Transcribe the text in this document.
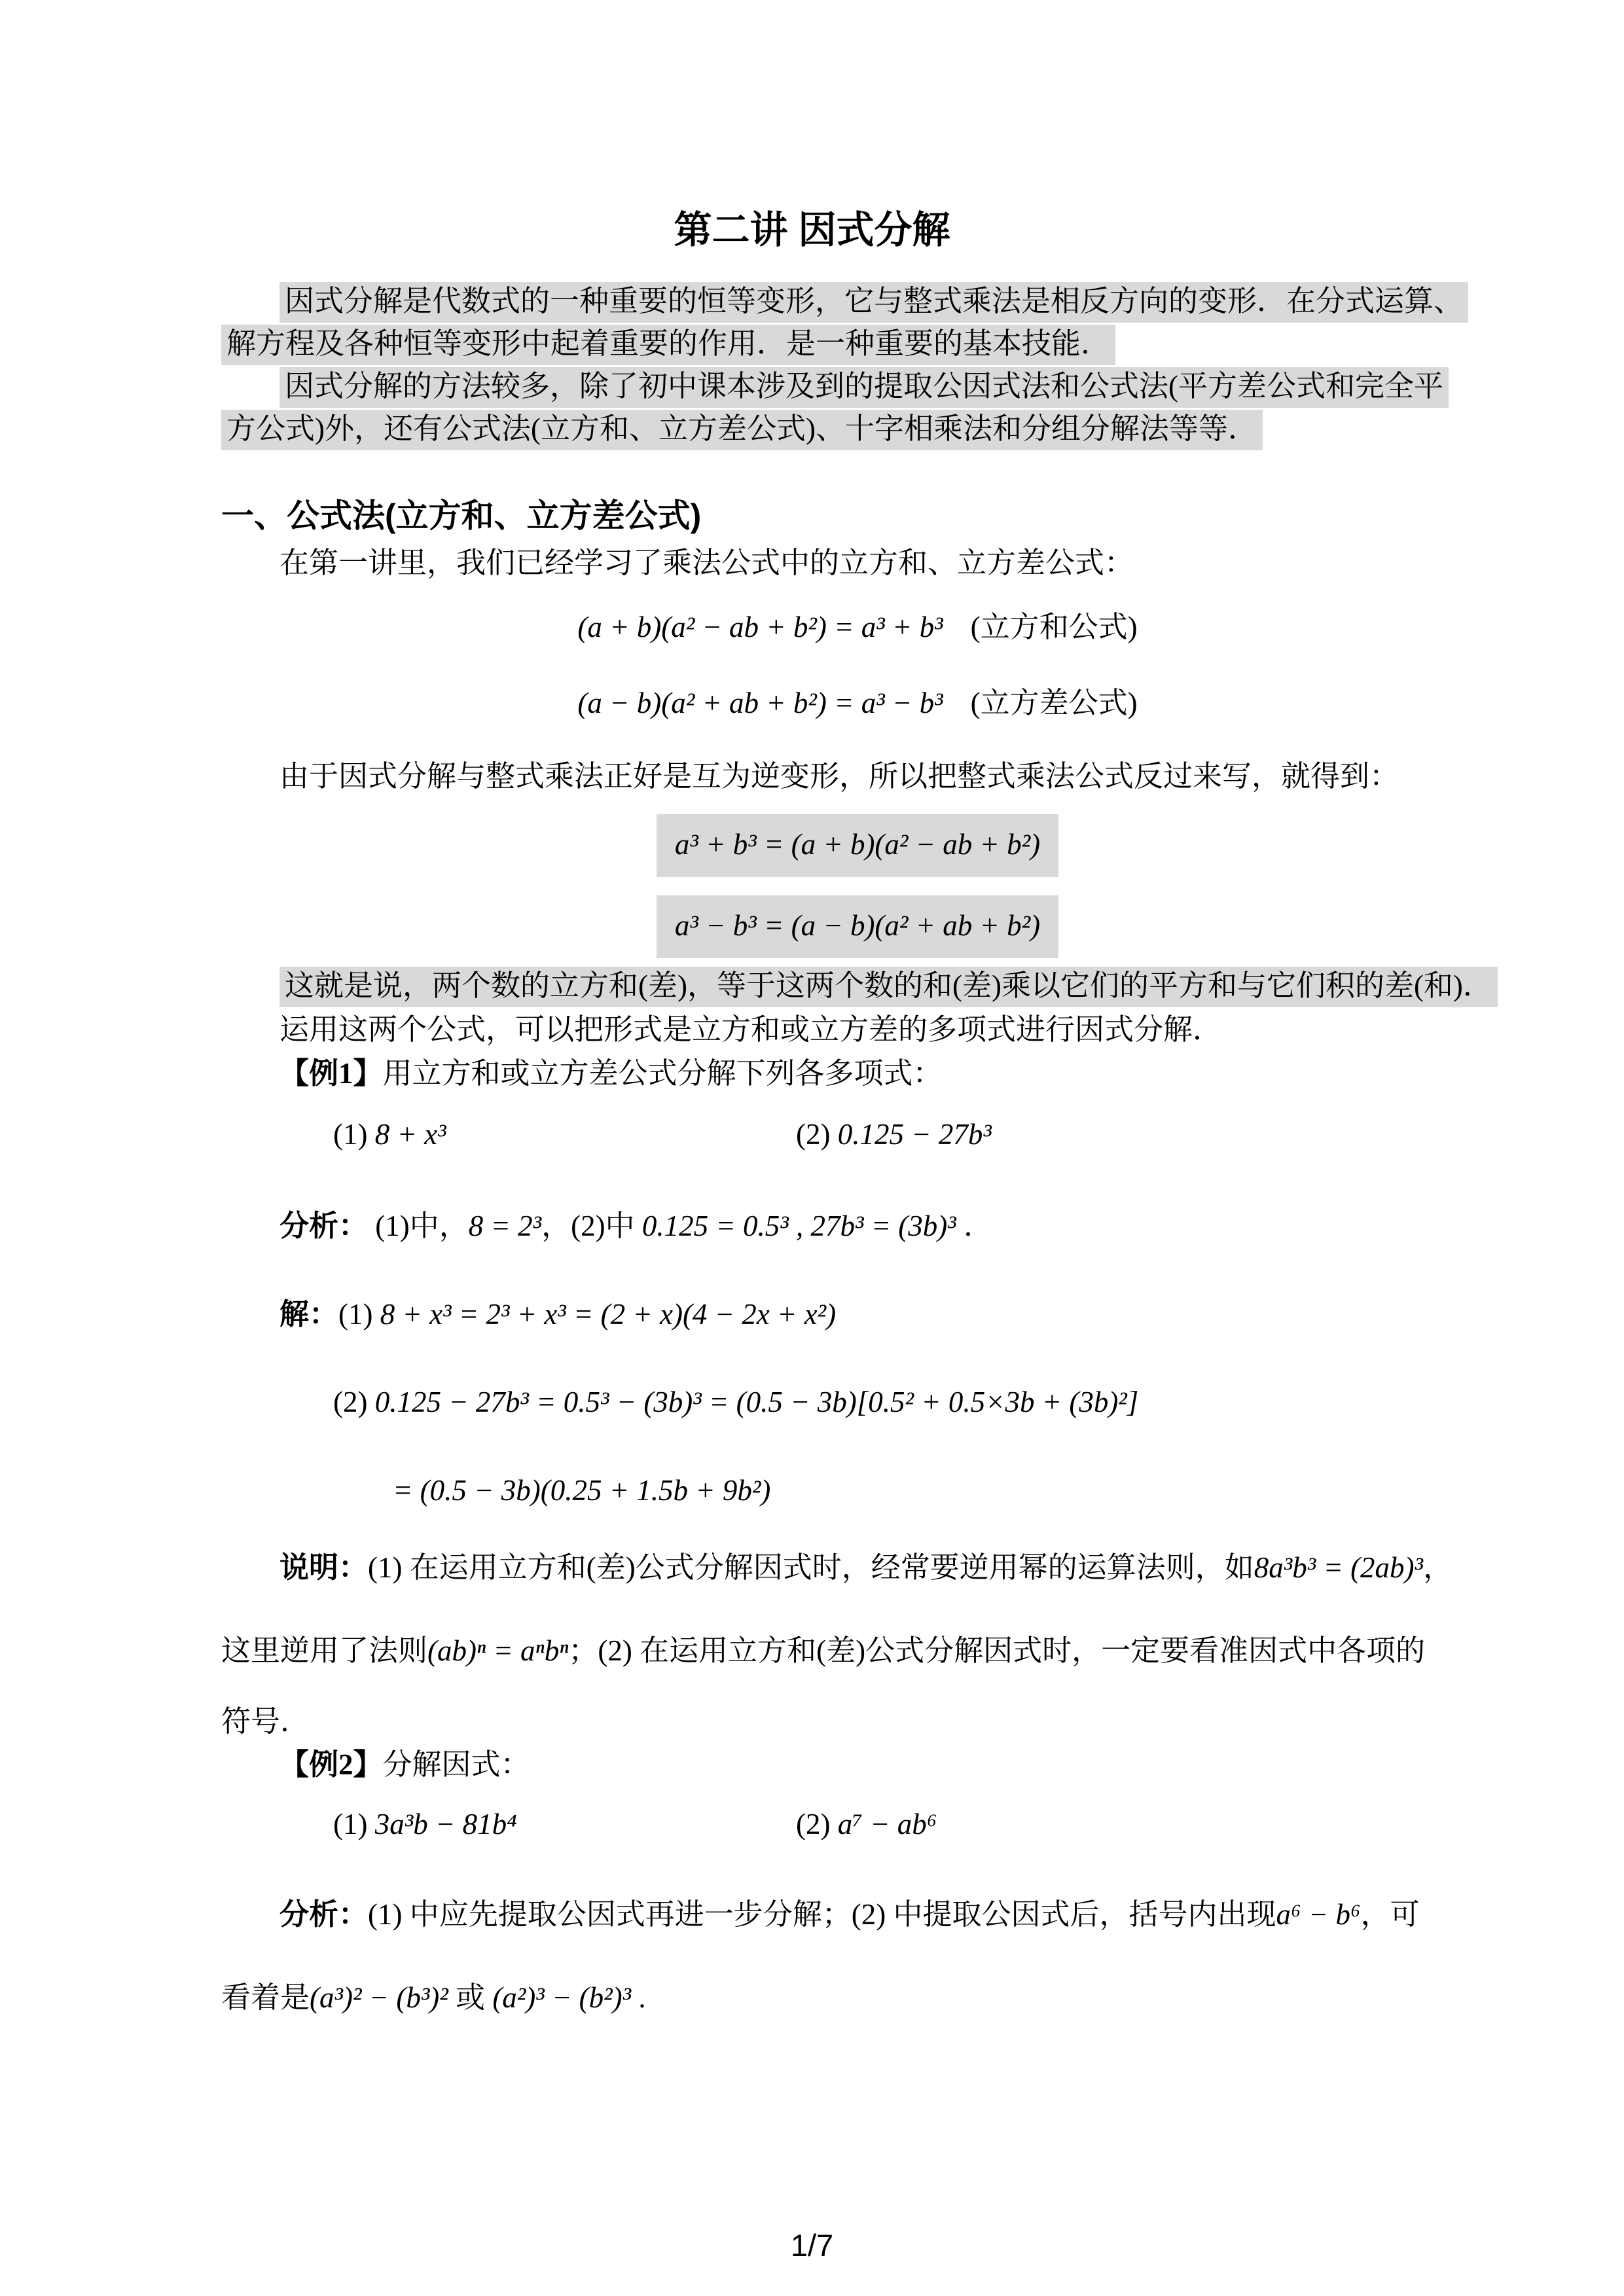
第二讲 因式分解
因式分解是代数式的一种重要的恒等变形，它与整式乘法是相反方向的变形．在分式运算、
解方程及各种恒等变形中起着重要的作用．是一种重要的基本技能．
因式分解的方法较多，除了初中课本涉及到的提取公因式法和公式法(平方差公式和完全平
方公式)外，还有公式法(立方和、立方差公式)、十字相乘法和分组分解法等等．
一、公式法(立方和、立方差公式)
在第一讲里，我们已经学习了乘法公式中的立方和、立方差公式：
(a + b)(a² − ab + b²) = a³ + b³ (立方和公式)
(a − b)(a² + ab + b²) = a³ − b³ (立方差公式)
由于因式分解与整式乘法正好是互为逆变形，所以把整式乘法公式反过来写，就得到：
a³ + b³ = (a + b)(a² − ab + b²)
a³ − b³ = (a − b)(a² + ab + b²)
这就是说，两个数的立方和(差)，等于这两个数的和(差)乘以它们的平方和与它们积的差(和)．
运用这两个公式，可以把形式是立方和或立方差的多项式进行因式分解．
【例1】用立方和或立方差公式分解下列各多项式：
(1) 8 + x³	(2) 0.125 − 27b³
分析： (1)中，8 = 2³，(2)中 0.125 = 0.5³ , 27b³ = (3b)³ ．
解：(1) 8 + x³ = 2³ + x³ = (2 + x)(4 − 2x + x²)
(2) 0.125 − 27b³ = 0.5³ − (3b)³ = (0.5 − 3b)[0.5² + 0.5×3b + (3b)²]
= (0.5 − 3b)(0.25 + 1.5b + 9b²)
说明：(1) 在运用立方和(差)公式分解因式时，经常要逆用幂的运算法则，如8a³b³ = (2ab)³，
这里逆用了法则(ab)ⁿ = aⁿbⁿ；(2) 在运用立方和(差)公式分解因式时，一定要看准因式中各项的
符号．
【例2】分解因式：
(1) 3a³b − 81b⁴	(2) a⁷ − ab⁶
分析：(1) 中应先提取公因式再进一步分解；(2) 中提取公因式后，括号内出现a⁶ − b⁶，可
看着是(a³)² − (b³)² 或 (a²)³ − (b²)³ .
1/7
